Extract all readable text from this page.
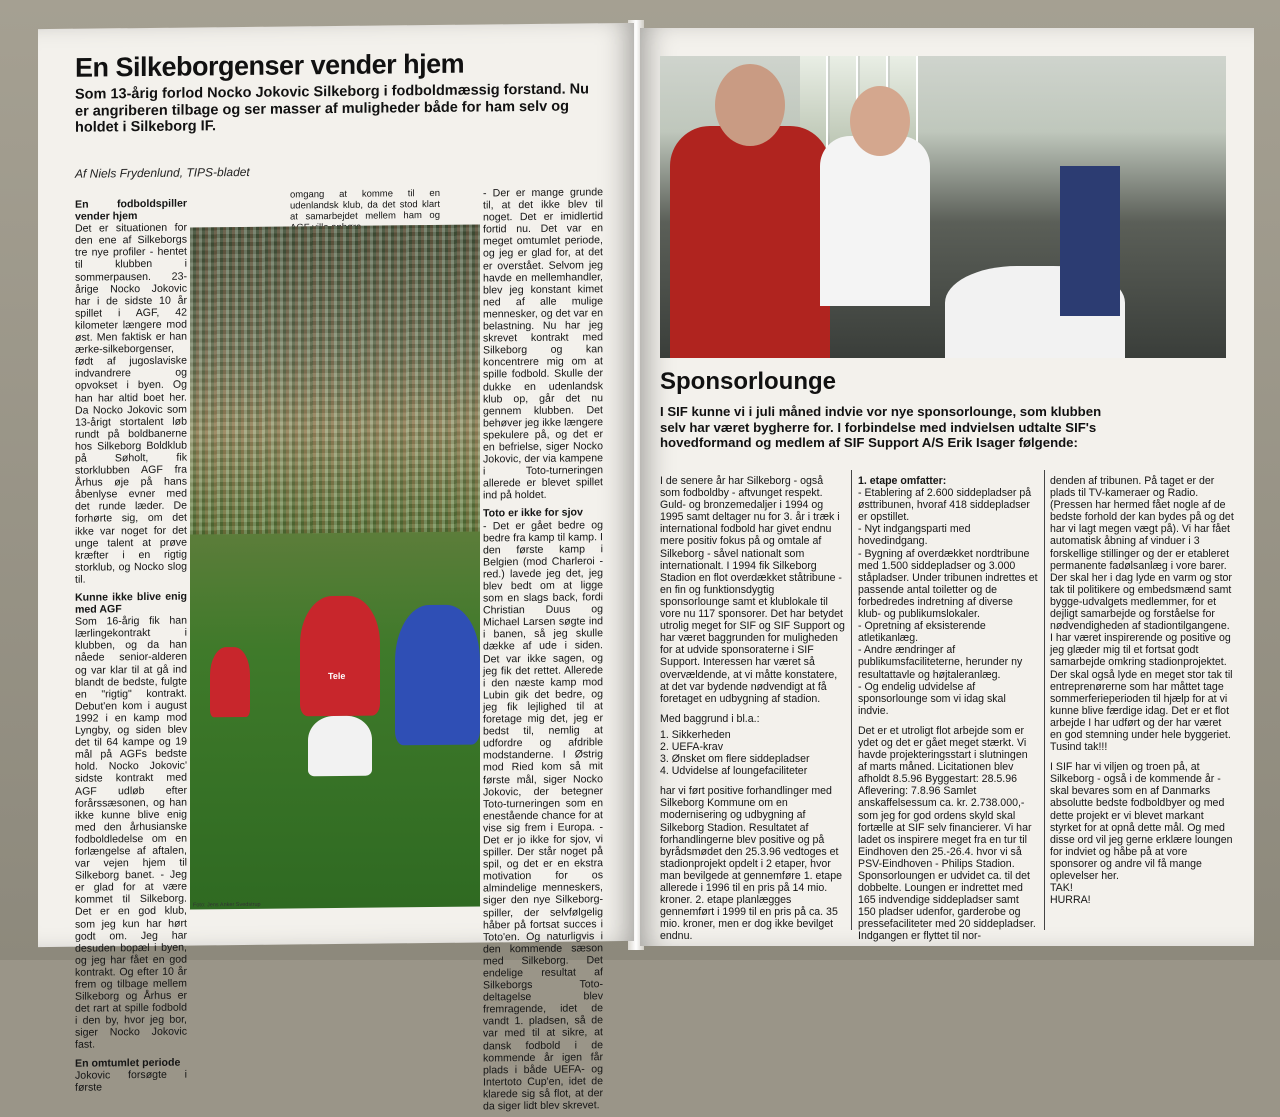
En Silkeborgenser vender hjem
Som 13-årig forlod Nocko Jokovic Silkeborg i fodboldmæssig forstand. Nu er angriberen tilbage og ser masser af muligheder både for ham selv og holdet i Silkeborg IF.
Af Niels Frydenlund, TIPS-bladet
En fodboldspiller vender hjem

Det er situationen for den ene af Silkeborgs tre nye profiler - hentet til klubben i sommerpausen. 23-årige Nocko Jokovic har i de sidste 10 år spillet i AGF, 42 kilometer længere mod øst. Men faktisk er han ærke-silkeborgenser, født af jugoslaviske indvandrere og opvokset i byen. Og han har altid boet her. Da Nocko Jokovic som 13-årigt stortalent løb rundt på boldbanerne hos Silkeborg Boldklub på Søholt, fik storklubben AGF fra Århus øje på hans åbenlyse evner med det runde læder. De forhørte sig, om det ikke var noget for det unge talent at prøve kræfter i en rigtig storklub, og Nocko slog til.

Kunne ikke blive enig med AGF

Som 16-årig fik han lærlingekontrakt i klubben, og da han nåede senior-alderen og var klar til at gå ind blandt de bedste, fulgte en "rigtig" kontrakt. Debut'en kom i august 1992 i en kamp mod Lyngby, og siden blev det til 64 kampe og 19 mål på AGFs bedste hold. Nocko Jokovic' sidste kontrakt med AGF udløb efter forårssæsonen, og han ikke kunne blive enig med den århusianske fodboldledelse om en forlængelse af aftalen, var vejen hjem til Silkeborg banet. - Jeg er glad for at være kommet til Silkeborg. Det er en god klub, som jeg kun har hørt godt om. Jeg har desuden bopæl i byen, og jeg har fået en god kontrakt. Og efter 10 år frem og tilbage mellem Silkeborg og Århus er det rart at spille fodbold i den by, hvor jeg bor, siger Nocko Jokovic fast.

En omtumlet periode

Jokovic forsøgte i første

omgang at komme til en udenlandsk klub, da det stod klart at samarbejdet mellem ham og
Tele

- Der er mange grunde til, at det ikke blev til noget. Det er imidlertid fortid nu. Det var en meget omtumlet periode, og jeg er glad for, at det er overstået. Selvom jeg havde en mellemhandler, blev jeg konstant kimet ned af alle mulige mennesker, og det var en belastning. Nu har jeg skrevet kontrakt med Silkeborg og kan koncentrere mig om at spille fodbold. Skulle der dukke en udenlandsk klub op, går det nu gennem klubben. Det behøver jeg ikke længere spekulere på, og det er en befrielse, siger Nocko Jokovic, der via kampene i Toto-turneringen allerede er blevet spillet ind på holdet.

Toto er ikke for sjov

- Det er gået bedre og bedre fra kamp til kamp. I den første kamp i Belgien (mod Charleroi - red.) lavede jeg det, jeg blev bedt om at ligge som en slags back, fordi Christian Duus og Michael Larsen søgte ind i banen, så jeg skulle dække af ude i siden. Det var ikke sagen, og jeg fik det rettet. Allerede i den næste kamp mod Lubin gik det bedre, og jeg fik lejlighed til at foretage mig det, jeg er bedst til, nemlig at udfordre og afdrible modstanderne. I Østrig mod Ried kom så mit første mål, siger Nocko Jokovic, der betegner Toto-turneringen som en enestående chance for at vise sig frem i Europa. - Det er jo ikke for sjov, vi spiller. Der står noget på spil, og det er en ekstra motivation for os almindelige menneskers, siger den nye Silkeborg-spiller, der selvfølgelig håber på fortsat succes i Toto'en. Og naturligvis i den kommende sæson med Silkeborg. Det endelige resultat af Silkeborgs Toto-deltagelse blev fremragende, idet de vandt 1. pladsen, så de var med til at sikre, at dansk fodbold i de kommende år igen får plads i både UEFA- og Intertoto Cup'en, idet de klarede sig så flot, at der da siger lidt blev skrevet.

Foto: Jens Anker Svedstrup
Sponsorlounge
I SIF kunne vi i juli måned indvie vor nye sponsorlounge, som klubben selv har været bygherre for. I forbindelse med indvielsen udtalte SIF's hovedformand og medlem af SIF Support A/S Erik Isager følgende:

I de senere år har Silkeborg - også som fodboldby - aftvunget respekt. Guld- og bronzemedaljer i 1994 og 1995 samt deltager nu for 3. år i træk i international fodbold har givet endnu mere positiv fokus på og omtale af Silkeborg - såvel nationalt som internationalt. I 1994 fik Silkeborg Stadion en flot overdækket ståtribune - en fin og funktionsdygtig sponsorlounge samt et klublokale til vore nu 117 sponsorer. Det har betydet utrolig meget for SIF og SIF Support og har været baggrunden for muligheden for at udvide sponsoraterne i SIF Support. Interessen har været så overvældende, at vi måtte konstatere, at det var bydende nødvendigt at få foretaget en udbygning af stadion.

Med baggrund i bl.a.:

1. Sikkerheden
2. UEFA-krav
3. Ønsket om flere siddepladser
4. Udvidelse af loungefaciliteter

har vi ført positive forhandlinger med Silkeborg Kommune om en modernisering og udbygning af Silkeborg Stadion. Resultatet af forhandlingerne blev positive og på byrådsmødet den 25.3.96 vedtoges et stadionprojekt opdelt i 2 etaper, hvor man bevilgede at gennemføre 1. etape allerede i 1996 til en pris på 14 mio. kroner. 2. etape planlægges gennemført i 1999 til en pris på ca. 35 mio. kroner, men er dog ikke bevilget endnu.

1. etape omfatter:
- Etablering af 2.600 siddepladser på østtribunen, hvoraf 418 siddepladser er opstillet.
- Nyt indgangsparti med hovedindgang.
- Bygning af overdækket nordtribune med 1.500 siddepladser og 3.000 ståpladser. Under tribunen indrettes et passende antal toiletter og de forbedredes indretning af diverse klub- og publikumslokaler.
- Opretning af eksisterende atletikanlæg.
- Andre ændringer af publikumsfaciliteterne, herunder ny resultattavle og højtaleranlæg.
- Og endelig udvidelse af sponsorlounge som vi idag skal indvie.

Det er et utroligt flot arbejde som er ydet og det er gået meget stærkt. Vi havde projekteringsstart i slutningen af marts måned. Licitationen blev afholdt 8.5.96 Byggestart: 28.5.96 Aflevering: 7.8.96 Samlet anskaffelsessum ca. kr. 2.738.000,- som jeg for god ordens skyld skal fortælle at SIF selv financierer. Vi har ladet os inspirere meget fra en tur til Eindhoven den 25.-26.4. hvor vi så PSV-Eindhoven - Philips Stadion. Sponsorloungen er udvidet ca. til det dobbelte. Loungen er indrettet med 165 indvendige siddepladser samt 150 pladser udenfor, garderobe og pressefaciliteter med 20 siddepladser. Indgangen er flyttet til nor-

denden af tribunen. På taget er der plads til TV-kameraer og Radio. (Pressen har hermed fået nogle af de bedste forhold der kan bydes på og det har vi lagt megen vægt på). Vi har fået automatisk åbning af vinduer i 3 forskellige stillinger og der er etableret permanente fadølsanlæg i vore barer. Der skal her i dag lyde en varm og stor tak til politikere og embedsmænd samt bygge-udvalgets medlemmer, for et dejligt samarbejde og forståelse for nødvendigheden af stadiontilgangene. I har været inspirerende og positive og jeg glæder mig til et fortsat godt samarbejde omkring stadionprojektet. Der skal også lyde en meget stor tak til entreprenørerne som har måttet tage sommerferieperioden til hjælp for at vi kunne blive færdige idag. Det er et flot arbejde I har udført og der har været en god stemning under hele byggeriet. Tusind tak!!!

I SIF har vi viljen og troen på, at Silkeborg - også i de kommende år - skal bevares som en af Danmarks absolutte bedste fodboldbyer og med dette projekt er vi blevet markant styrket for at opnå dette mål. Og med disse ord vil jeg gerne erklære loungen for indviet og håbe på at vore sponsorer og andre vil få mange oplevelser her.

TAK!
HURRA!
